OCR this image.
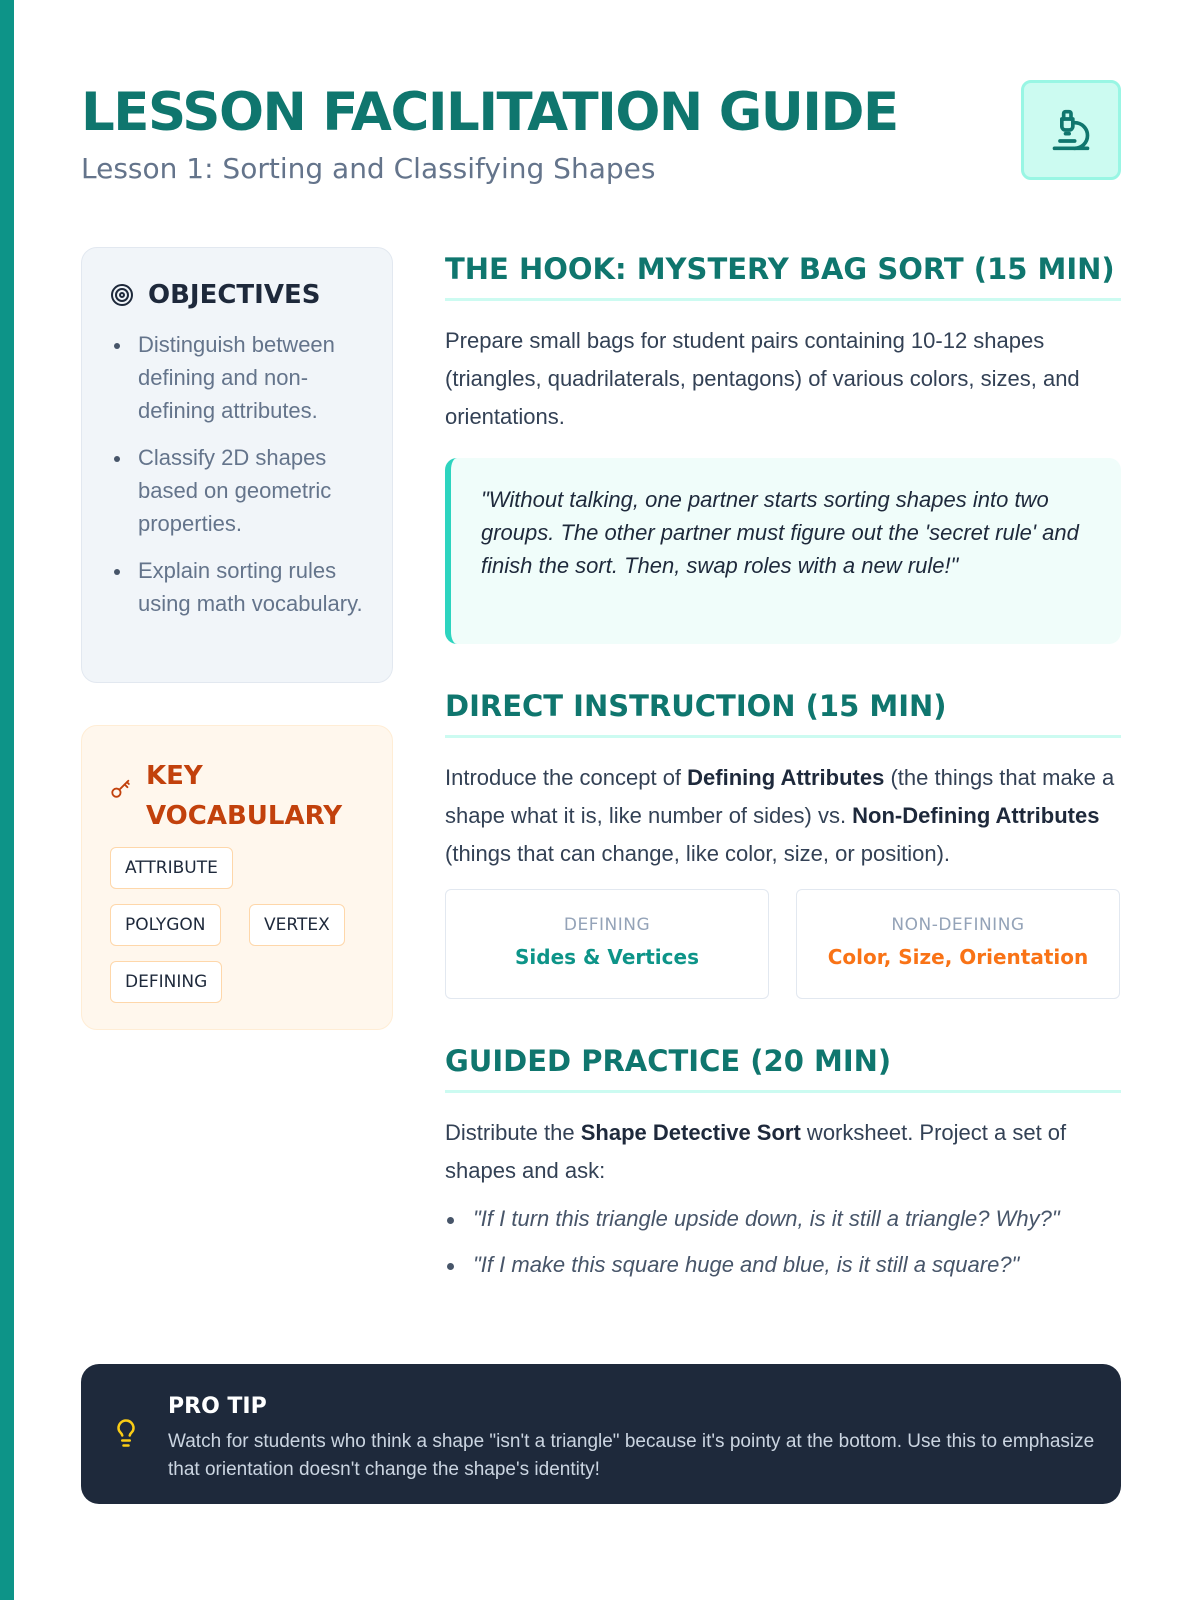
LESSON FACILITATION GUIDE
Lesson 1: Sorting and Classifying Shapes
OBJECTIVES
Distinguish between defining and non-defining attributes.
Classify 2D shapes based on geometric properties.
Explain sorting rules using math vocabulary.
KEY
VOCABULARY
ATTRIBUTE
POLYGON	VERTEX
DEFINING
THE HOOK: MYSTERY BAG SORT (15 MIN)

Prepare small bags for student pairs containing 10-12 shapes (triangles, quadrilaterals, pentagons) of various colors, sizes, and orientations.

"Without talking, one partner starts sorting shapes into two groups. The other partner must figure out the 'secret rule' and finish the sort. Then, swap roles with a new rule!"
DIRECT INSTRUCTION (15 MIN)

Introduce the concept of Defining Attributes (the things that make a shape what it is, like number of sides) vs. Non-Defining Attributes (things that can change, like color, size, or position).

DEFINING
Sides & Vertices
NON-DEFINING
Color, Size, Orientation
GUIDED PRACTICE (20 MIN)

Distribute the Shape Detective Sort worksheet. Project a set of shapes and ask:

"If I turn this triangle upside down, is it still a triangle? Why?"
"If I make this square huge and blue, is it still a square?"
PRO TIP

Watch for students who think a shape "isn't a triangle" because it's pointy at the bottom. Use this to emphasize that orientation doesn't change the shape's identity!
